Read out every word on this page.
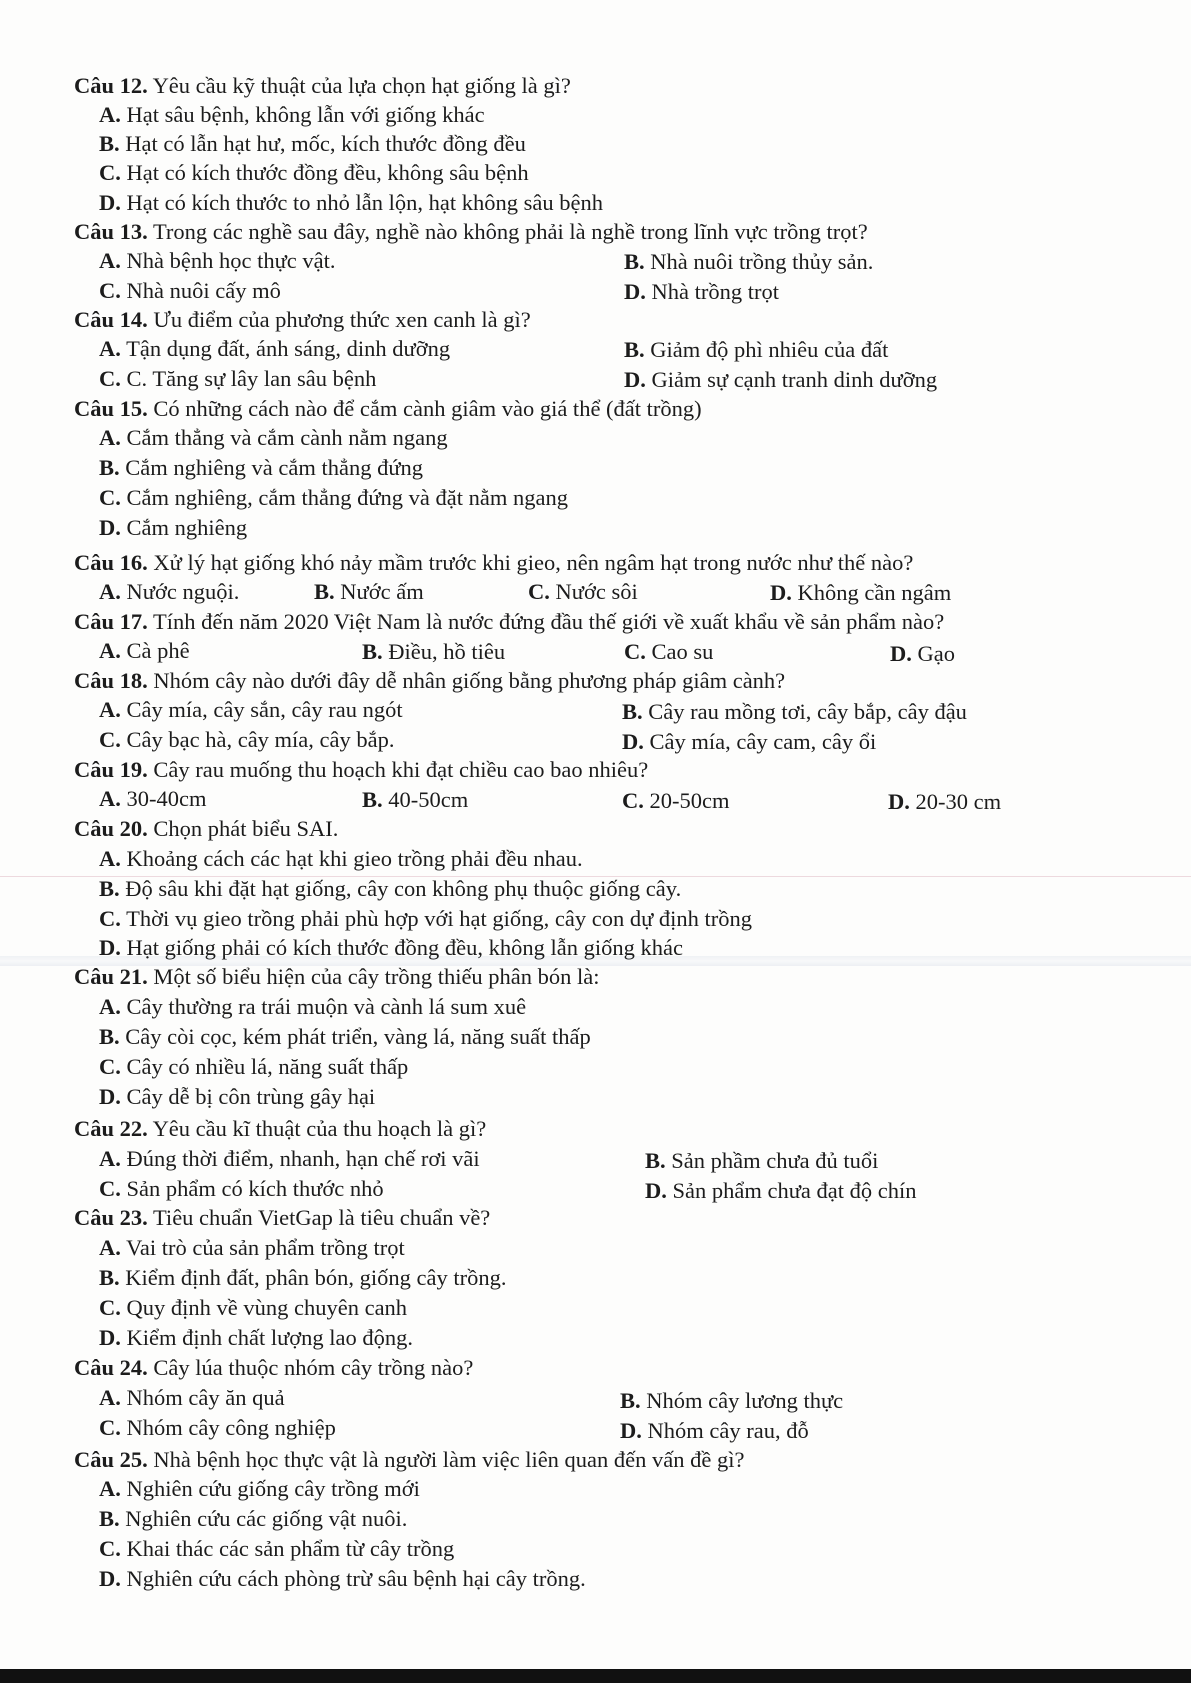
Câu 12. Yêu cầu kỹ thuật của lựa chọn hạt giống là gì?
A. Hạt sâu bệnh, không lẫn với giống khác
B. Hạt có lẫn hạt hư, mốc, kích thước đồng đều
C. Hạt có kích thước đồng đều, không sâu bệnh
D. Hạt có kích thước to nhỏ lẫn lộn, hạt không sâu bệnh
Câu 13. Trong các nghề sau đây, nghề nào không phải là nghề trong lĩnh vực trồng trọt?
A. Nhà bệnh học thực vật.	B. Nhà nuôi trồng thủy sản.
C. Nhà nuôi cấy mô	D. Nhà trồng trọt
Câu 14. Ưu điểm của phương thức xen canh là gì?
A. Tận dụng đất, ánh sáng, dinh dưỡng	B. Giảm độ phì nhiêu của đất
C. C. Tăng sự lây lan sâu bệnh	D. Giảm sự cạnh tranh dinh dưỡng
Câu 15. Có những cách nào để cắm cành giâm vào giá thể (đất trồng)
A. Cắm thẳng và cắm cành nằm ngang
B. Cắm nghiêng và cắm thẳng đứng
C. Cắm nghiêng, cắm thẳng đứng và đặt nằm ngang
D. Cắm nghiêng
Câu 16. Xử lý hạt giống khó nảy mầm trước khi gieo, nên ngâm hạt trong nước như thế nào?
A. Nước nguội.	B. Nước ấm	C. Nước sôi	D. Không cần ngâm
Câu 17. Tính đến năm 2020 Việt Nam là nước đứng đầu thế giới về xuất khẩu về sản phẩm nào?
A. Cà phê	B. Điều, hồ tiêu	C. Cao su	D. Gạo
Câu 18. Nhóm cây nào dưới đây dễ nhân giống bằng phương pháp giâm cành?
A. Cây mía, cây sắn, cây rau ngót	B. Cây rau mồng tơi, cây bắp, cây đậu
C. Cây bạc hà, cây mía, cây bắp.	D. Cây mía, cây cam, cây ổi
Câu 19. Cây rau muống thu hoạch khi đạt chiều cao bao nhiêu?
A. 30-40cm	B. 40-50cm	C. 20-50cm	D. 20-30 cm
Câu 20. Chọn phát biểu SAI.
A. Khoảng cách các hạt khi gieo trồng phải đều nhau.
B. Độ sâu khi đặt hạt giống, cây con không phụ thuộc giống cây.
C. Thời vụ gieo trồng phải phù hợp với hạt giống, cây con dự định trồng
D. Hạt giống phải có kích thước đồng đều, không lẫn giống khác
Câu 21. Một số biểu hiện của cây trồng thiếu phân bón là:
A. Cây thường ra trái muộn và cành lá sum xuê
B. Cây còi cọc, kém phát triển, vàng lá, năng suất thấp
C. Cây có nhiều lá, năng suất thấp
D. Cây dễ bị côn trùng gây hại
Câu 22. Yêu cầu kĩ thuật của thu hoạch là gì?
A. Đúng thời điểm, nhanh, hạn chế rơi vãi	B. Sản phầm chưa đủ tuổi
C. Sản phẩm có kích thước nhỏ	D. Sản phẩm chưa đạt độ chín
Câu 23. Tiêu chuẩn VietGap là tiêu chuẩn về?
A. Vai trò của sản phẩm trồng trọt
B. Kiểm định đất, phân bón, giống cây trồng.
C. Quy định về vùng chuyên canh
D. Kiểm định chất lượng lao động.
Câu 24. Cây lúa thuộc nhóm cây trồng nào?
A. Nhóm cây ăn quả	B. Nhóm cây lương thực
C. Nhóm cây công nghiệp	D. Nhóm cây rau, đỗ
Câu 25. Nhà bệnh học thực vật là người làm việc liên quan đến vấn đề gì?
A. Nghiên cứu giống cây trồng mới
B. Nghiên cứu các giống vật nuôi.
C. Khai thác các sản phẩm từ cây trồng
D. Nghiên cứu cách phòng trừ sâu bệnh hại cây trồng.
